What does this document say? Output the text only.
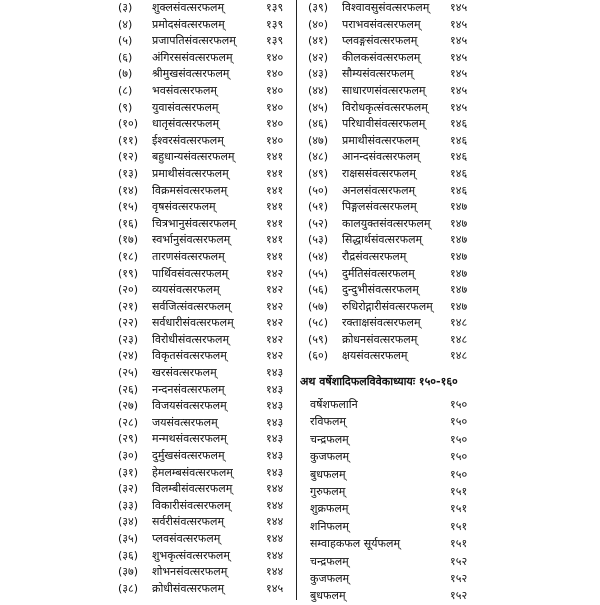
(३)	शुक्लसंवत्सरफलम्	१३९
(४)	प्रमोदसंवत्सरफलम्	१३९
(५)	प्रजापतिसंवत्सरफलम्	१३९
(६)	अंगिरससंवत्सरफलम्	१४०
(७)	श्रीमुखसंवत्सरफलम्	१४०
(८)	भवसंवत्सरफलम्	१४०
(९)	युवासंवत्सरफलम्	१४०
(१०)	धातृसंवत्सरफलम्	१४०
(११)	ईश्वरसंवत्सरफलम्	१४०
(१२)	बहुधान्यसंवत्सरफलम्	१४१
(१३)	प्रमाथीसंवत्सरफलम्	१४१
(१४)	विक्रमसंवत्सरफलम्	१४१
(१५)	वृषसंवत्सरफलम्	१४१
(१६)	चित्रभानुसंवत्सरफलम्	१४१
(१७)	स्वर्भानुसंवत्सरफलम्	१४१
(१८)	तारणसंवत्सरफलम्	१४१
(१९)	पार्थिवसंवत्सरफलम्	१४२
(२०)	व्ययसंवत्सरफलम्	१४२
(२१)	सर्वजित्संवत्सरफलम्	१४२
(२२)	सर्वधारीसंवत्सरफलम्	१४२
(२३)	विरोधीसंवत्सरफलम्	१४२
(२४)	विकृतसंवत्सरफलम्	१४२
(२५)	खरसंवत्सरफलम्	१४३
(२६)	नन्दनसंवत्सरफलम्	१४३
(२७)	विजयसंवत्सरफलम्	१४३
(२८)	जयसंवत्सरफलम्	१४३
(२९)	मन्मथसंवत्सरफलम्	१४३
(३०)	दुर्मुखसंवत्सरफलम्	१४३
(३१)	हेमलम्बसंवत्सरफलम्	१४३
(३२)	विलम्बीसंवत्सरफलम्	१४४
(३३)	विकारीसंवत्सरफलम्	१४४
(३४)	सर्वरीसंवत्सरफलम्	१४४
(३५)	प्लवसंवत्सरफलम्	१४४
(३६)	शुभकृत्संवत्सरफलम्	१४४
(३७)	शोभनसंवत्सरफलम्	१४४
(३८)	क्रोधीसंवत्सरफलम्	१४५
(३९)	विश्वावसुसंवत्सरफलम् १४५
(४०)	पराभवसंवत्सरफलम्	१४५
(४१)	प्लवङ्गसंवत्सरफलम्	१४५
(४२)	कीलकसंवत्सरफलम्	१४५
(४३)	सौम्यसंवत्सरफलम्	१४५
(४४)	साधारणसंवत्सरफलम् १४५
(४५)	विरोधकृत्संवत्सरफलम् १४५
(४६)	परिधावीसंवत्सरफलम् १४६
(४७)	प्रमाथीसंवत्सरफलम्	१४६
(४८)	आनन्दसंवत्सरफलम्	१४६
(४९)	राक्षससंवत्सरफलम्	१४६
(५०)	अनलसंवत्सरफलम्	१४६
(५१)	पिङ्गलसंवत्सरफलम्	१४७
(५२)	कालयुक्तसंवत्सरफलम् १४७
(५३)	सिद्धार्थसंवत्सरफलम्	१४७
(५४)	रौद्रसंवत्सरफलम्	१४७
(५५)	दुर्मतिसंवत्सरफलम्	१४७
(५६)	दुन्दुभीसंवत्सरफलम्	१४७
(५७)	रुधिरोद्गारीसंवत्सरफलम् १४७
(५८)	रक्ताक्षसंवत्सरफलम्	१४८
(५९)	क्रोधनसंवत्सरफलम्	१४८
(६०)	क्षयसंवत्सरफलम्	१४८
अथ वर्षेशादिफलविवेकाध्यायः १५०-१६०
वर्षेशफलानि	१५०
रविफलम्	१५०
चन्द्रफलम्	१५०
कुजफलम्	१५०
बुधफलम्	१५०
गुरुफलम्	१५१
शुक्रफलम्	१५१
शनिफलम्	१५१
सम्वाहकफल सूर्यफलम्	१५१
चन्द्रफलम्	१५२
कुजफलम्	१५२
बुधफलम्	१५२
